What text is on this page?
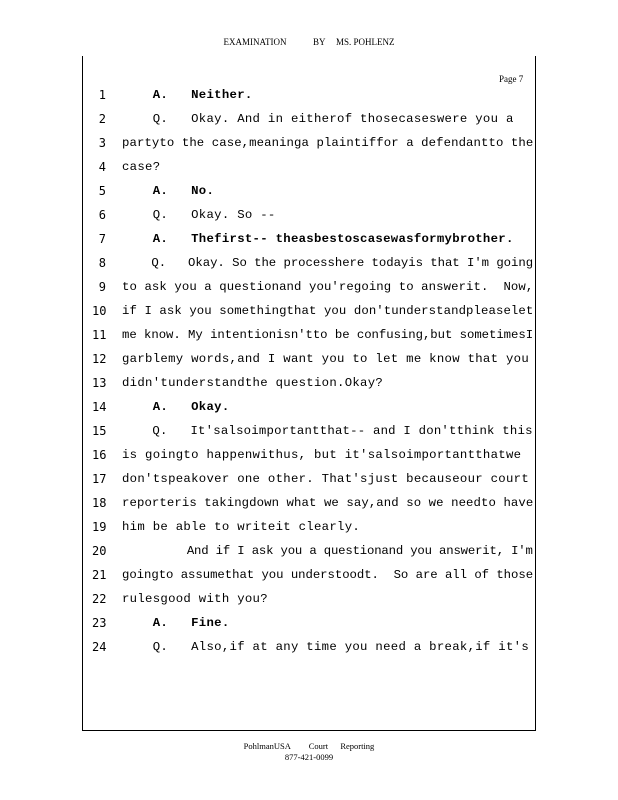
EXAMINATION	BY MS. POHLENZ
Page 7
1 A.   Neither.
2 Q.   Okay. And in eitherof thosecaseswere you a
3 partyto the case,meaninga plaintiffor a defendantto the
4 case?
5 A.   No.
6 Q.   Okay. So --
7 A.   Thefirst-- theasbestoscasewasformybrother.
8 Q.   Okay. So the processhere todayis that I'm going
9 to ask you a questionand you'regoing to answerit.  Now,
10 if I ask you somethingthat you don'tunderstandpleaselet
11 me know. My intentionisn'tto be confusing,but sometimesI
12 garblemy words,and I want you to let me know that you
13 didn'tunderstandthe question.Okay?
14 A.   Okay.
15 Q.   It'salsoimportantthat-- and I don'tthink this
16 is goingto happenwithus, but it'salsoimportantthatwe
17 don'tspeakover one other. That'sjust becauseour court
18 reporteris takingdown what we say,and so we needto have
19 him be able to writeit clearly.
20 And if I ask you a questionand you answerit, I'm
21 goingto assumethat you understoodt.  So are all of those
22 rulesgood with you?
23 A.   Fine.
24 Q.   Also,if at any time you need a break,if it's
PohlmanUSA Court Reporting
877-421-0099
